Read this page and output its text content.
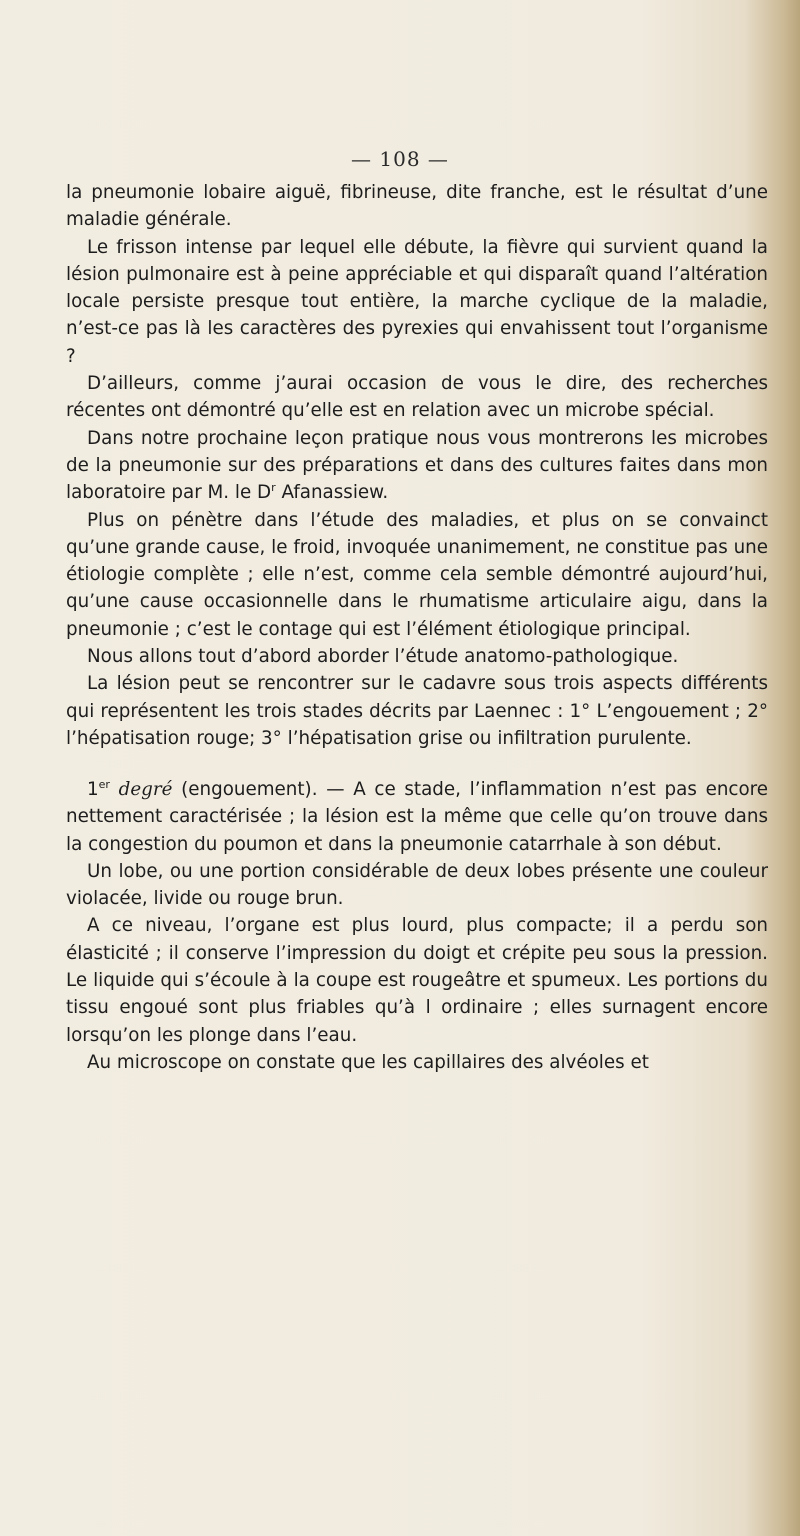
— 108 —

la pneumonie lobaire aiguë, fibrineuse, dite franche, est le résultat d’une maladie générale.

Le frisson intense par lequel elle débute, la fièvre qui survient quand la lésion pulmonaire est à peine appréciable et qui disparaît quand l’altération locale persiste presque tout entière, la marche cyclique de la maladie, n’est-ce pas là les caractères des pyrexies qui envahissent tout l’organisme ?

D’ailleurs, comme j’aurai occasion de vous le dire, des recherches récentes ont démontré qu’elle est en relation avec un microbe spécial.

Dans notre prochaine leçon pratique nous vous montrerons les microbes de la pneumonie sur des préparations et dans des cultures faites dans mon laboratoire par M. le $D^r$ Afanassiew.

Plus on pénètre dans l’étude des maladies, et plus on se convainct qu’une grande cause, le froid, invoquée unanimement, ne constitue pas une étiologie complète ; elle n’est, comme cela semble démontré aujourd’hui, qu’une cause occasionnelle dans le rhumatisme articulaire aigu, dans la pneumonie ; c’est le contage qui est l’élément étiologique principal.

Nous allons tout d’abord aborder l’étude anatomo-pathologique.

La lésion peut se rencontrer sur le cadavre sous trois aspects différents qui représentent les trois stades décrits par Laennec : 1° L’engouement ; 2° l’hépatisation rouge; 3° l’hépatisation grise ou infiltration purulente.

1er degré (engouement). — A ce stade, l’inflammation n’est pas encore nettement caractérisée ; la lésion est la même que celle qu’on trouve dans la congestion du poumon et dans la pneumonie catarrhale à son début.

Un lobe, ou une portion considérable de deux lobes présente une couleur violacée, livide ou rouge brun.

A ce niveau, l’organe est plus lourd, plus compacte; il a perdu son élasticité ; il conserve l’impression du doigt et crépite peu sous la pression. Le liquide qui s’écoule à la coupe est rougeâtre et spumeux. Les portions du tissu engoué sont plus friables qu’à l ordinaire ; elles surnagent encore lorsqu’on les plonge dans l’eau.

Au microscope on constate que les capillaires des alvéoles et
